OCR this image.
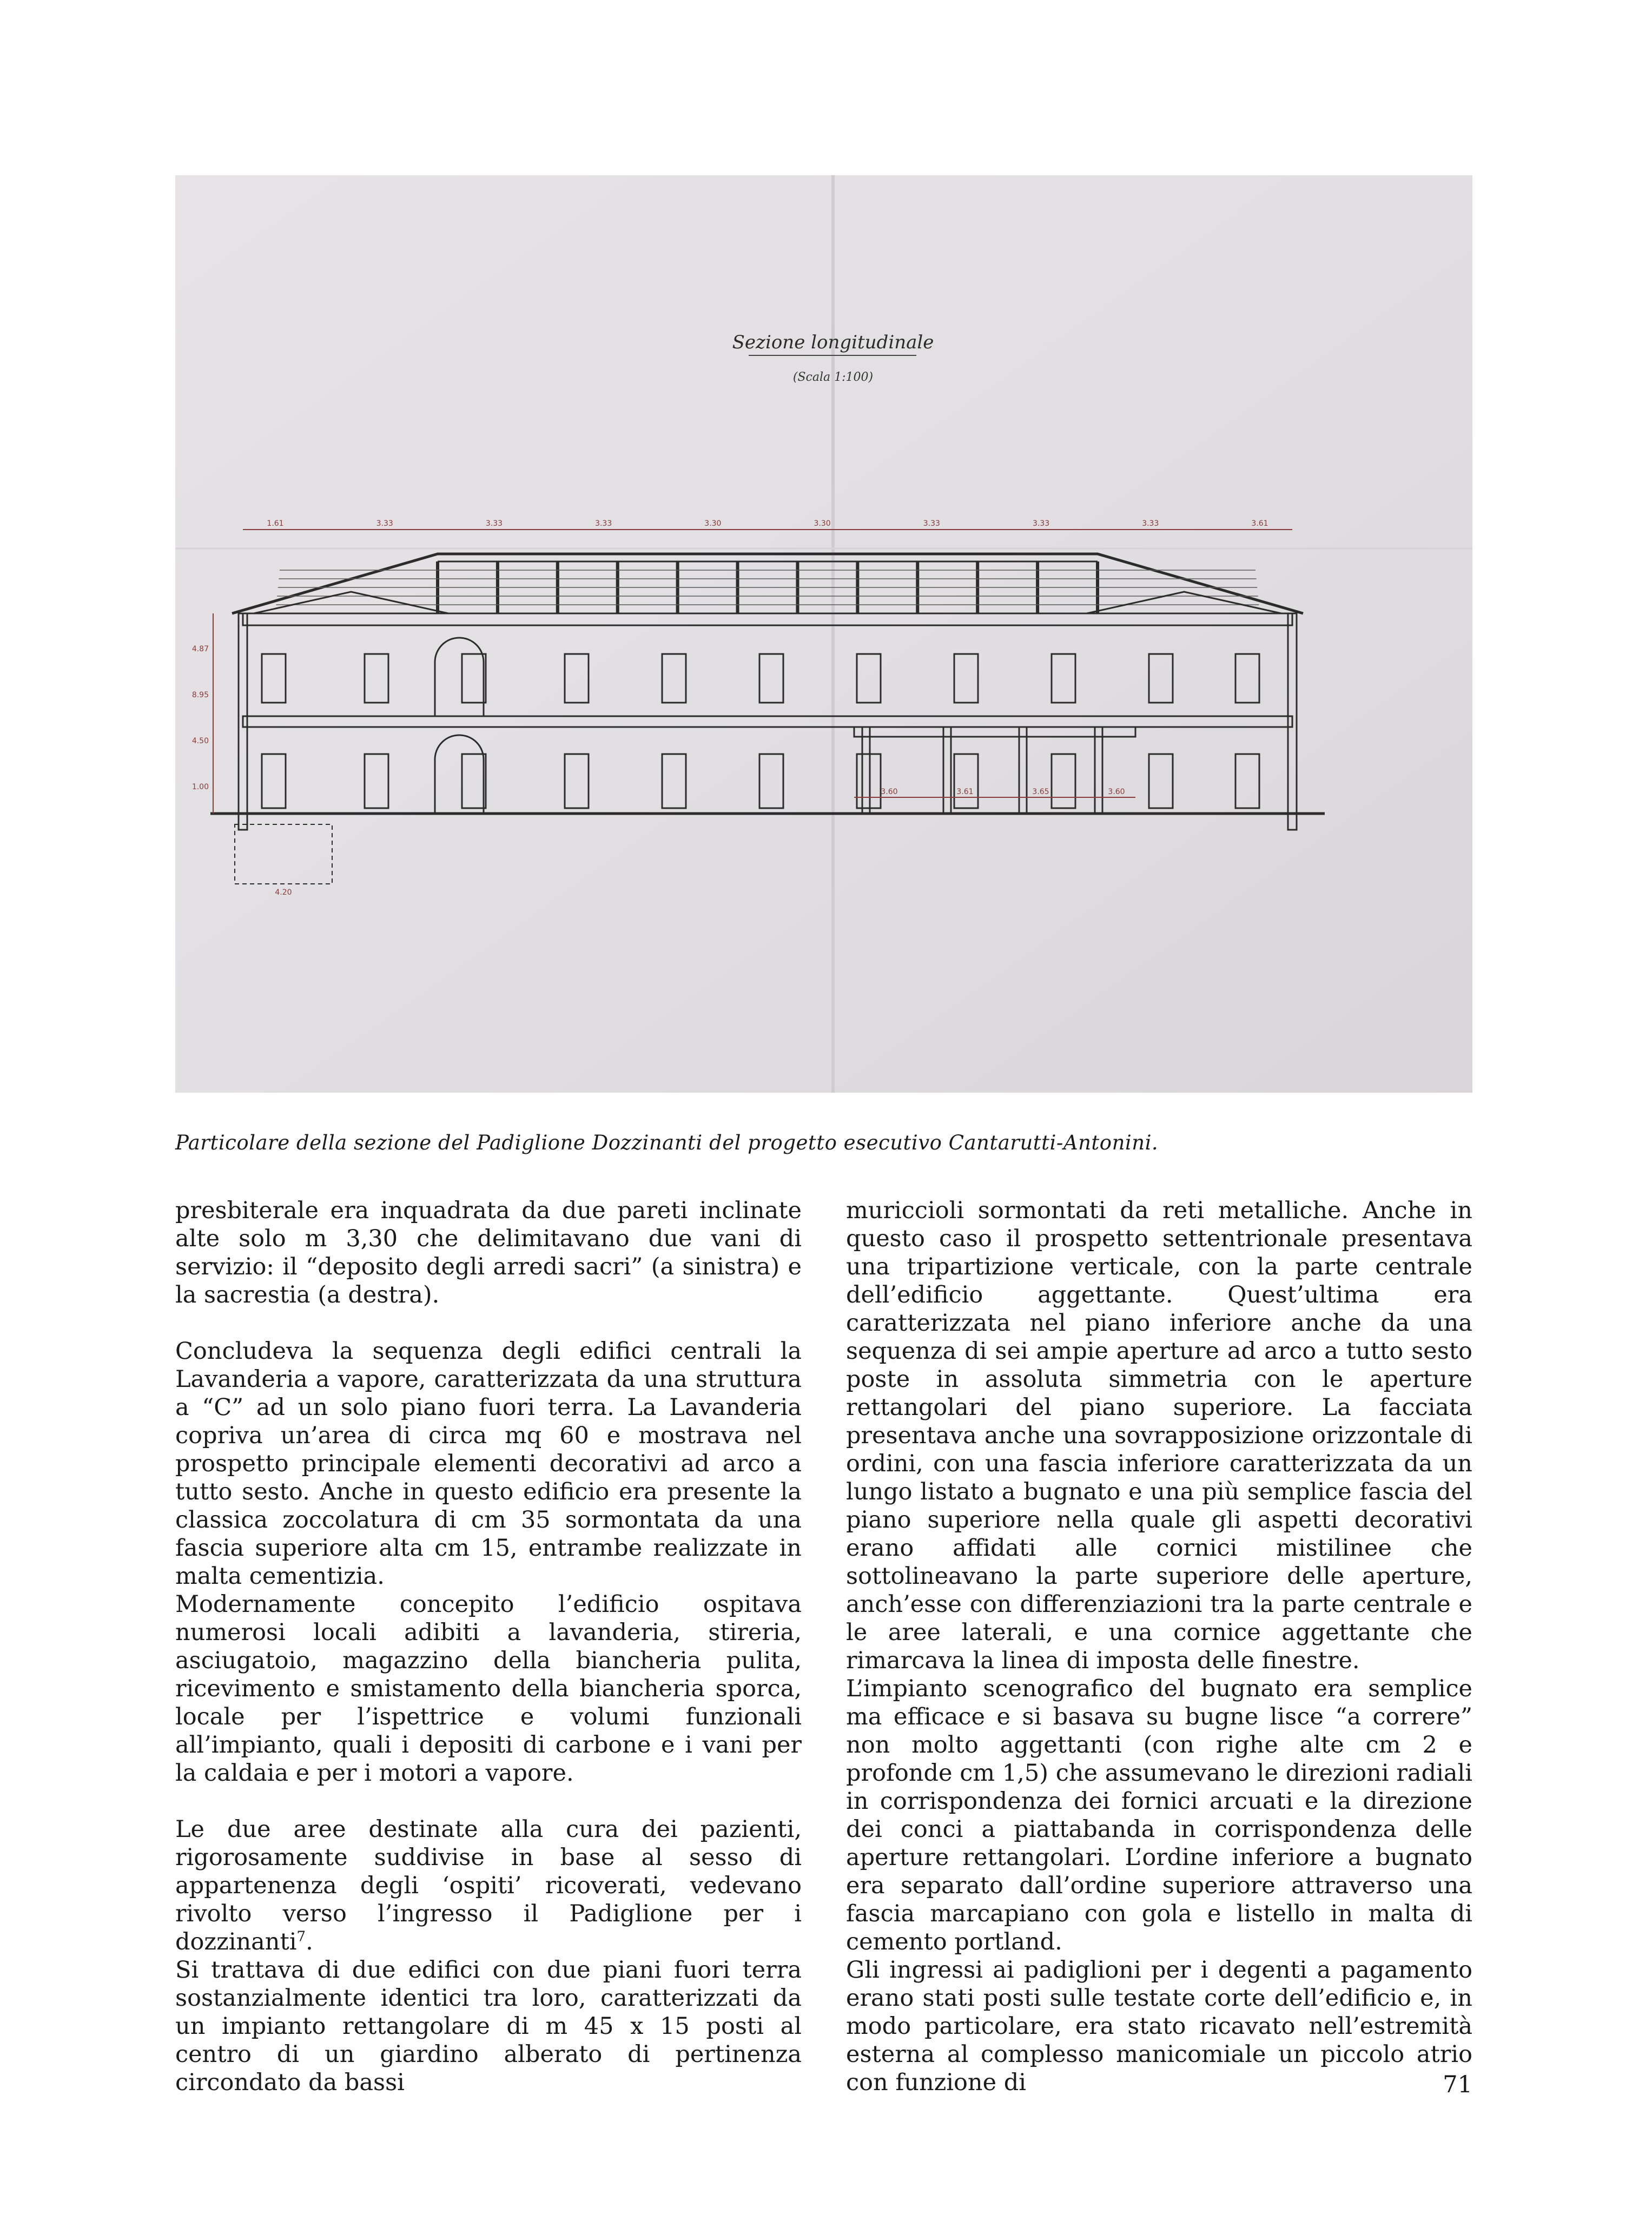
Sezione longitudinale
(Scala 1:100)
1.61	3.33	3.33	3.33	3.30	3.30	3.33	3.33	3.33	3.61
3.60	3.61	3.65	3.60
4.87
8.95
4.50
1.00
4.20

Particolare della sezione del Padiglione Dozzinanti del progetto esecutivo Cantarutti-Antonini.

presbiterale era inquadrata da due pareti inclinate alte solo m 3,30 che delimitavano due vani di servizio: il “deposito degli arredi sacri” (a sinistra) e la sacrestia (a destra).

Concludeva la sequenza degli edifici centrali la Lavanderia a vapore, caratterizzata da una struttura a “C” ad un solo piano fuori terra. La Lavanderia copriva un’area di circa mq 60 e mostrava nel prospetto principale elementi decorativi ad arco a tutto sesto. Anche in questo edificio era presente la classica zoccolatura di cm 35 sormontata da una fascia superiore alta cm 15, entrambe realizzate in malta cementizia.

Modernamente concepito l’edificio ospitava numerosi locali adibiti a lavanderia, stireria, asciugatoio, magazzino della biancheria pulita, ricevimento e smistamento della biancheria sporca, locale per l’ispettrice e volumi funzionali all’impianto, quali i depositi di carbone e i vani per la caldaia e per i motori a vapore.

Le due aree destinate alla cura dei pazienti, rigorosamente suddivise in base al sesso di appartenenza degli ‘ospiti’ ricoverati, vedevano rivolto verso l’ingresso il Padiglione per i dozzinanti$^7$.

Si trattava di due edifici con due piani fuori terra sostanzialmente identici tra loro, caratterizzati da un impianto rettangolare di m 45 x 15 posti al centro di un giardino alberato di pertinenza circondato da bassi

muricciolі sormontati da reti metalliche. Anche in questo caso il prospetto settentrionale presentava una tripartizione verticale, con la parte centrale dell’edificio aggettante. Quest’ultima era caratterizzata nel piano inferiore anche da una sequenza di sei ampie aperture ad arco a tutto sesto poste in assoluta simmetria con le aperture rettangolari del piano superiore. La facciata presentava anche una sovrapposizione orizzontale di ordini, con una fascia inferiore caratterizzata da un lungo listato a bugnato e una più semplice fascia del piano superiore nella quale gli aspetti decorativi erano affidati alle cornici mistilinee che sottolineavano la parte superiore delle aperture, anch’esse con differenziazioni tra la parte centrale e le aree laterali, e una cornice aggettante che rimarcava la linea di imposta delle finestre.

L’impianto scenografico del bugnato era semplice ma efficace e si basava su bugne lisce “a correre” non molto aggettanti (con righe alte cm 2 e profonde cm 1,5) che assumevano le direzioni radiali in corrispondenza dei fornici arcuati e la direzione dei conci a piattabanda in corrispondenza delle aperture rettangolari. L’ordine inferiore a bugnato era separato dall’ordine superiore attraverso una fascia marcapiano con gola e listello in malta di cemento portland.

Gli ingressi ai padiglioni per i degenti a pagamento erano stati posti sulle testate corte dell’edificio e, in modo particolare, era stato ricavato nell’estremità esterna al complesso manicomiale un piccolo atrio con funzione di	71
